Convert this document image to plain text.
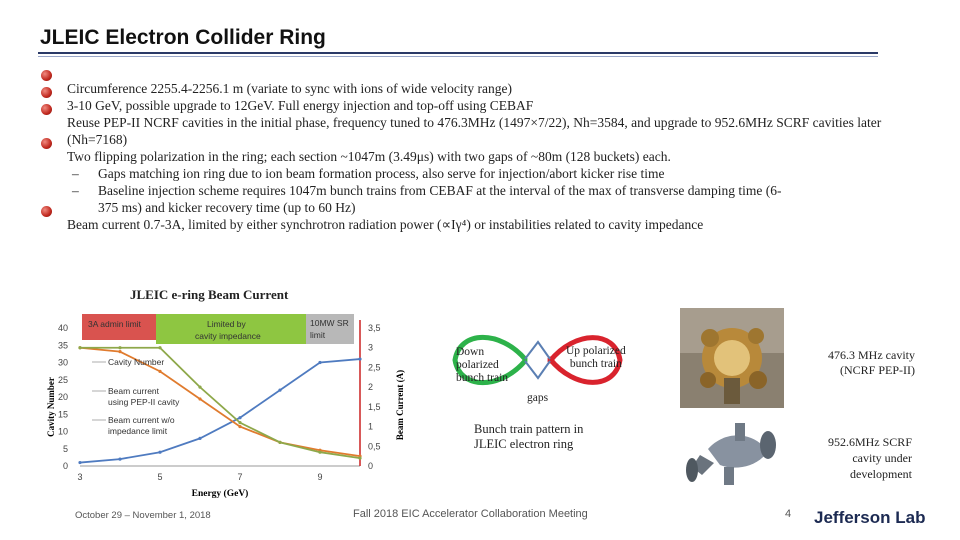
JLEIC Electron Collider Ring
Circumference 2255.4-2256.1 m (variate to sync with ions of wide velocity range)
3-10 GeV, possible upgrade to 12GeV. Full energy injection and top-off using CEBAF
Reuse PEP-II NCRF cavities in the initial phase, frequency tuned to 476.3MHz (1497×7/22), Nh=3584, and upgrade to 952.6MHz SCRF cavities later (Nh=7168)
Two flipping polarization in the ring; each section ~1047m (3.49μs) with two gaps of ~80m (128 buckets) each.
– Gaps matching ion ring due to ion beam formation process, also serve for injection/abort kicker rise time
– Baseline injection scheme requires 1047m bunch trains from CEBAF at the interval of the max of transverse damping time (6-
375 ms) and kicker recovery time (up to 60 Hz)
Beam current 0.7-3A, limited by either synchrotron radiation power (∝Iγ⁴) or instabilities related to cavity impedance
JLEIC e-ring Beam Current
3A admin limit	Limited by
cavity impedance
10MW SR
limit
0
5
10
15
20
25
30
35
40
0
0,5
1
1,5
2
2,5
3
3,5
3	5	7	9
Energy (GeV)
Cavity Number	Beam Current (A)
Cavity Number
Beam current
using PEP-II cavity
Beam current w/o
impedance limit
Down
polarized
bunch train
Up polarized
bunch train
gaps
Bunch train pattern in
JLEIC electron ring
476.3 MHz cavity
(NCRF PEP-II)
952.6MHz SCRF
cavity under
development
October 29 – November 1, 2018	Fall 2018 EIC Accelerator Collaboration Meeting	4 Jefferson Lab
